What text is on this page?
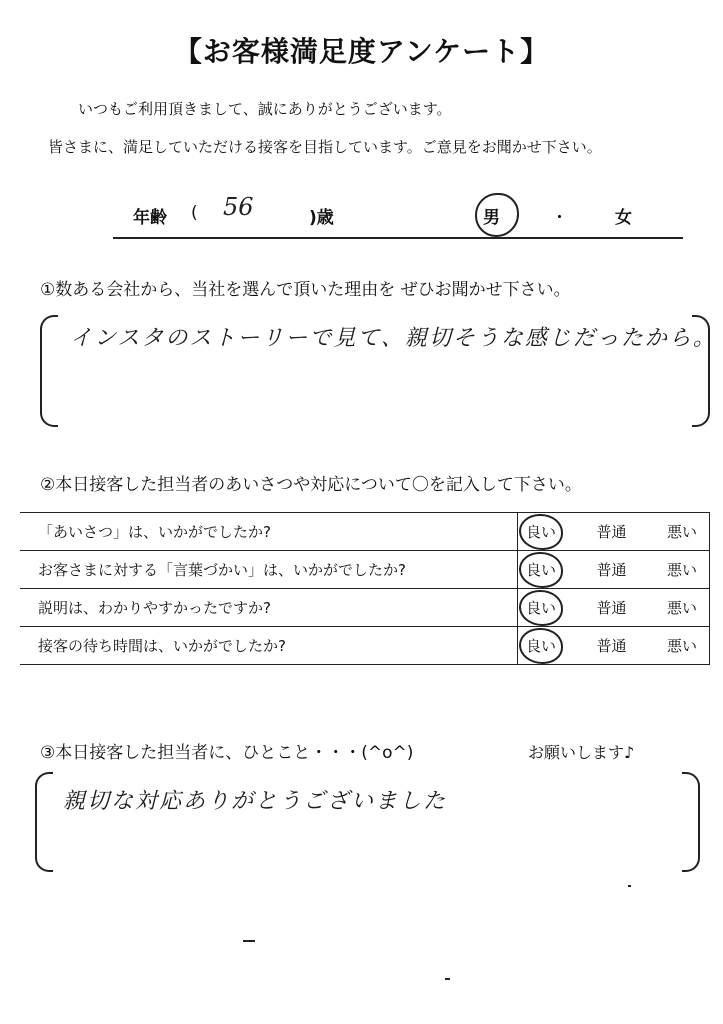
【お客様満足度アンケート】
いつもご利用頂きまして、誠にありがとうございます。
皆さまに、満足していただける接客を目指しています。ご意見をお聞かせ下さい。
年齢 ( 56	)歳	男	・	女
①数ある会社から、当社を選んで頂いた理由を ぜひお聞かせ下さい。
インスタのストーリーで見て、親切そうな感じだったから。
②本日接客した担当者のあいさつや対応について〇を記入して下さい。
「あいさつ」は、いかがでしたか?	良い 普通 悪い

お客さまに対する「言葉づかい」は、いかがでしたか?	良い 普通 悪い

説明は、わかりやすかったですか?	良い 普通 悪い

接客の待ち時間は、いかがでしたか?	良い 普通 悪い
③本日接客した担当者に、ひとこと・・・(^o^)	お願いします♪
親切な対応ありがとうございました
